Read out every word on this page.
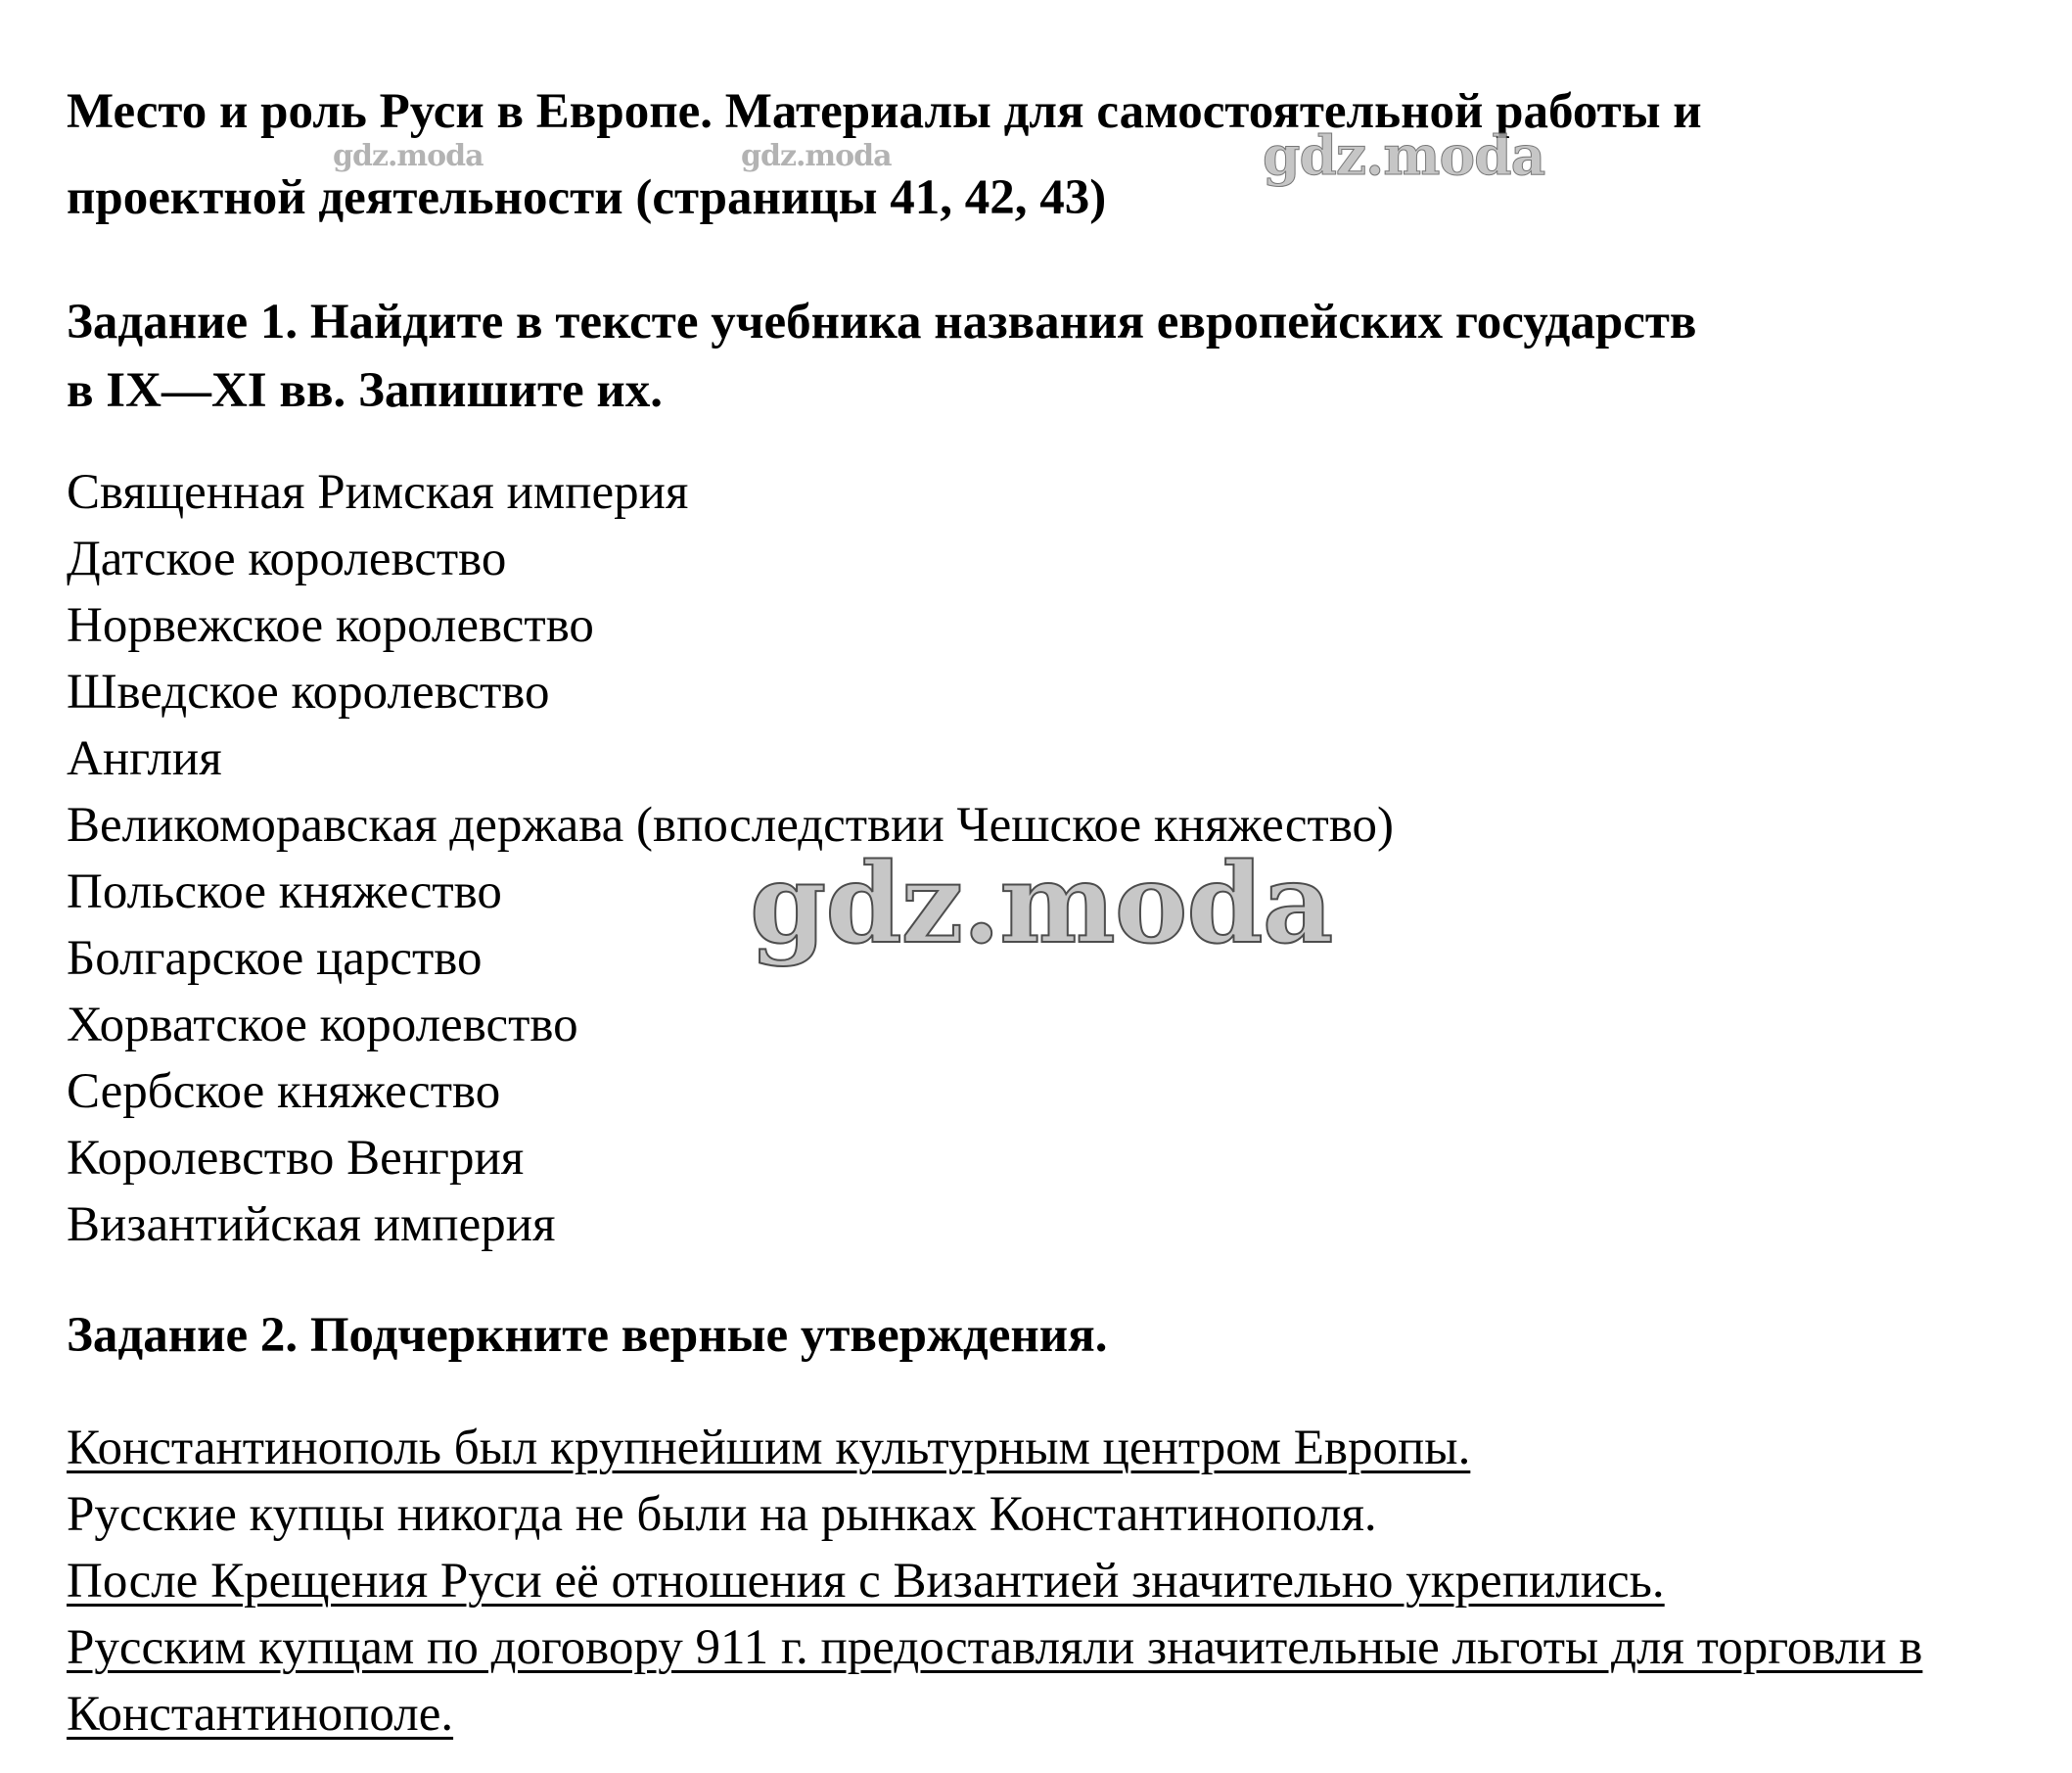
Место и роль Руси в Европе. Материалы для самостоятельной работы и
проектной деятельности (страницы 41, 42, 43)
Задание 1. Найдите в тексте учебника названия европейских государств
в IX—XI вв. Запишите их.
Священная Римская империя
Датское королевство
Норвежское королевство
Шведское королевство
Англия
Великоморавская держава (впоследствии Чешское княжество)
Польское княжество
Болгарское царство
Хорватское королевство
Сербское княжество
Королевство Венгрия
Византийская империя
Задание 2. Подчеркните верные утверждения.
Константинополь был крупнейшим культурным центром Европы.
Русские купцы никогда не были на рынках Константинополя.
После Крещения Руси её отношения с Византией значительно укрепились.
Русским купцам по договору 911 г. предоставляли значительные льготы для торговли в Константинополе.
gdz.moda	gdz.moda	gdz.moda
gdz.moda
